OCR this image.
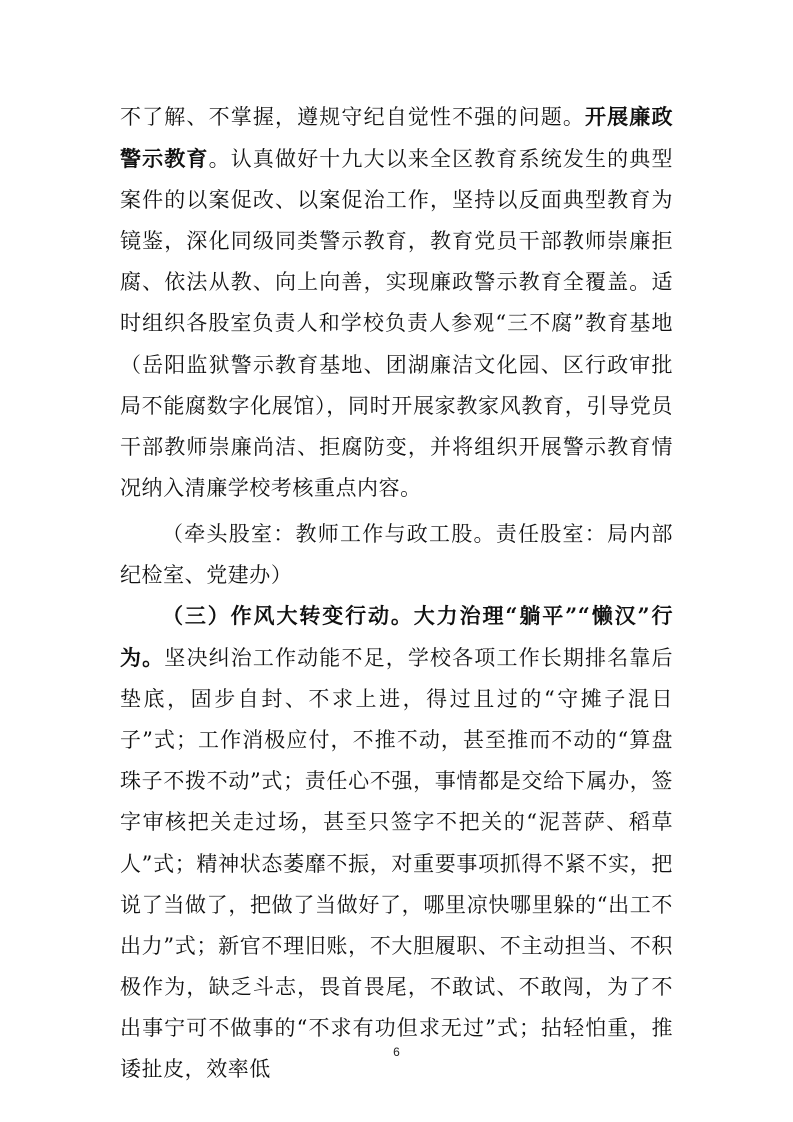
不了解、不掌握，遵规守纪自觉性不强的问题。开展廉政警示教育。认真做好十九大以来全区教育系统发生的典型案件的以案促改、以案促治工作，坚持以反面典型教育为镜鉴，深化同级同类警示教育，教育党员干部教师崇廉拒腐、依法从教、向上向善，实现廉政警示教育全覆盖。适时组织各股室负责人和学校负责人参观“三不腐”教育基地（岳阳监狱警示教育基地、团湖廉洁文化园、区行政审批局不能腐数字化展馆），同时开展家教家风教育，引导党员干部教师崇廉尚洁、拒腐防变，并将组织开展警示教育情况纳入清廉学校考核重点内容。

（牵头股室：教师工作与政工股。责任股室：局内部纪检室、党建办）

（三）作风大转变行动。大力治理“躺平”“懒汉”行为。坚决纠治工作动能不足，学校各项工作长期排名靠后垫底，固步自封、不求上进，得过且过的“守摊子混日子”式；工作消极应付，不推不动，甚至推而不动的“算盘珠子不拨不动”式；责任心不强，事情都是交给下属办，签字审核把关走过场，甚至只签字不把关的“泥菩萨、稻草人”式；精神状态萎靡不振，对重要事项抓得不紧不实，把说了当做了，把做了当做好了，哪里凉快哪里躲的“出工不出力”式；新官不理旧账，不大胆履职、不主动担当、不积极作为，缺乏斗志，畏首畏尾，不敢试、不敢闯，为了不出事宁可不做事的“不求有功但求无过”式；拈轻怕重，推诿扯皮，效率低

6
